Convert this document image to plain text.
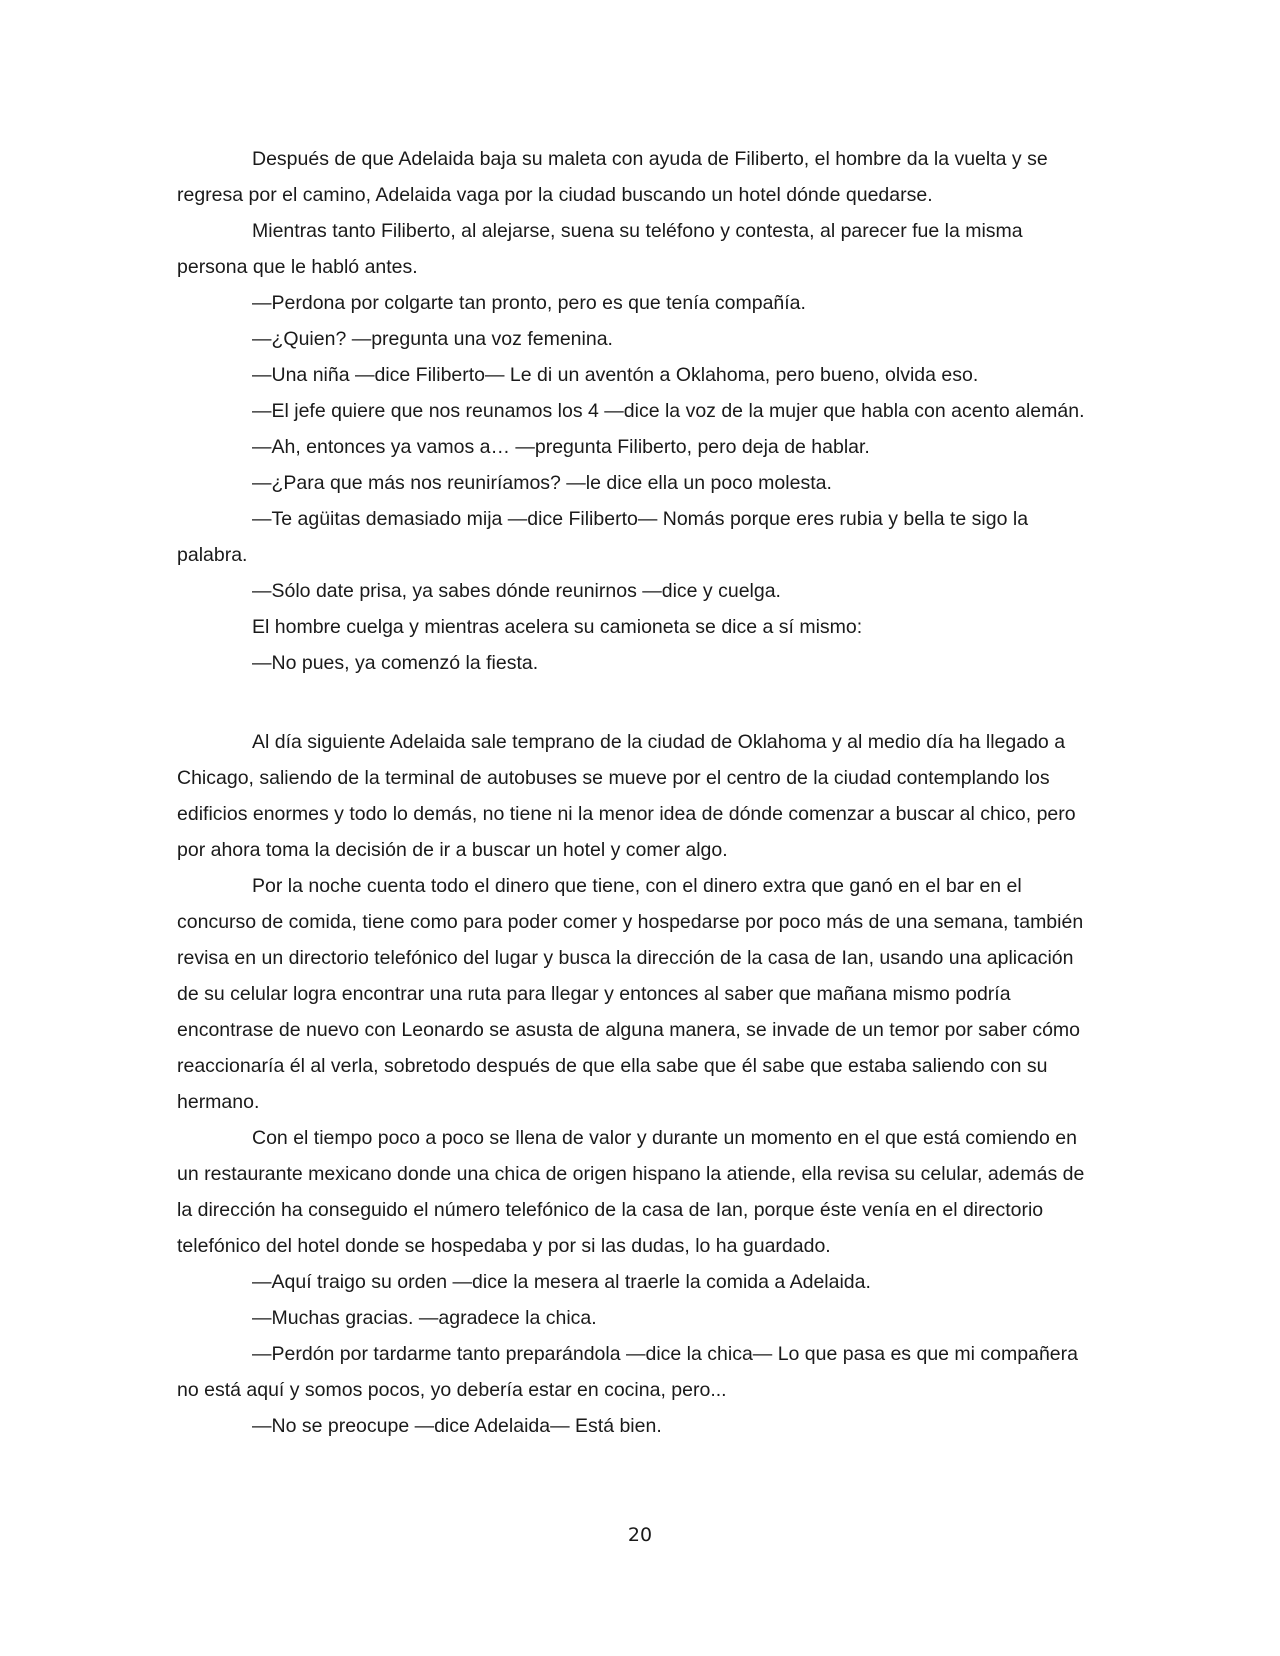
Después de que Adelaida baja su maleta con ayuda de Filiberto, el hombre da la vuelta y se regresa por el camino, Adelaida vaga por la ciudad buscando un hotel dónde quedarse.

Mientras tanto Filiberto, al alejarse, suena su teléfono y contesta, al parecer fue la misma persona que le habló antes.

—Perdona por colgarte tan pronto, pero es que tenía compañía.

—¿Quien? —pregunta una voz femenina.

—Una niña —dice Filiberto— Le di un aventón a Oklahoma, pero bueno, olvida eso.

—El jefe quiere que nos reunamos los 4 —dice la voz de la mujer que habla con acento alemán.

—Ah, entonces ya vamos a… —pregunta Filiberto, pero deja de hablar.

—¿Para que más nos reuniríamos? —le dice ella un poco molesta.

—Te agüitas demasiado mija —dice Filiberto— Nomás porque eres rubia y bella te sigo la palabra.

—Sólo date prisa, ya sabes dónde reunirnos —dice y cuelga.

El hombre cuelga y mientras acelera su camioneta se dice a sí mismo:

—No pues, ya comenzó la fiesta.

Al día siguiente Adelaida sale temprano de la ciudad de Oklahoma y al medio día ha llegado a Chicago, saliendo de la terminal de autobuses se mueve por el centro de la ciudad contemplando los edificios enormes y todo lo demás, no tiene ni la menor idea de dónde comenzar a buscar al chico, pero por ahora toma la decisión de ir a buscar un hotel y comer algo.

Por la noche cuenta todo el dinero que tiene, con el dinero extra que ganó en el bar en el concurso de comida, tiene como para poder comer y hospedarse por poco más de una semana, también revisa en un directorio telefónico del lugar y busca la dirección de la casa de Ian, usando una aplicación de su celular logra encontrar una ruta para llegar y entonces al saber que mañana mismo podría encontrase de nuevo con Leonardo se asusta de alguna manera, se invade de un temor por saber cómo reaccionaría él al verla, sobretodo después de que ella sabe que él sabe que estaba saliendo con su hermano.

Con el tiempo poco a poco se llena de valor y durante un momento en el que está comiendo en un restaurante mexicano donde una chica de origen hispano la atiende, ella revisa su celular, además de la dirección ha conseguido el número telefónico de la casa de Ian, porque éste venía en el directorio telefónico del hotel donde se hospedaba y por si las dudas, lo ha guardado.

—Aquí traigo su orden —dice la mesera al traerle la comida a Adelaida.

—Muchas gracias. —agradece la chica.

—Perdón por tardarme tanto preparándola —dice la chica— Lo que pasa es que mi compañera no está aquí y somos pocos, yo debería estar en cocina, pero...

—No se preocupe —dice Adelaida— Está bien.

20
